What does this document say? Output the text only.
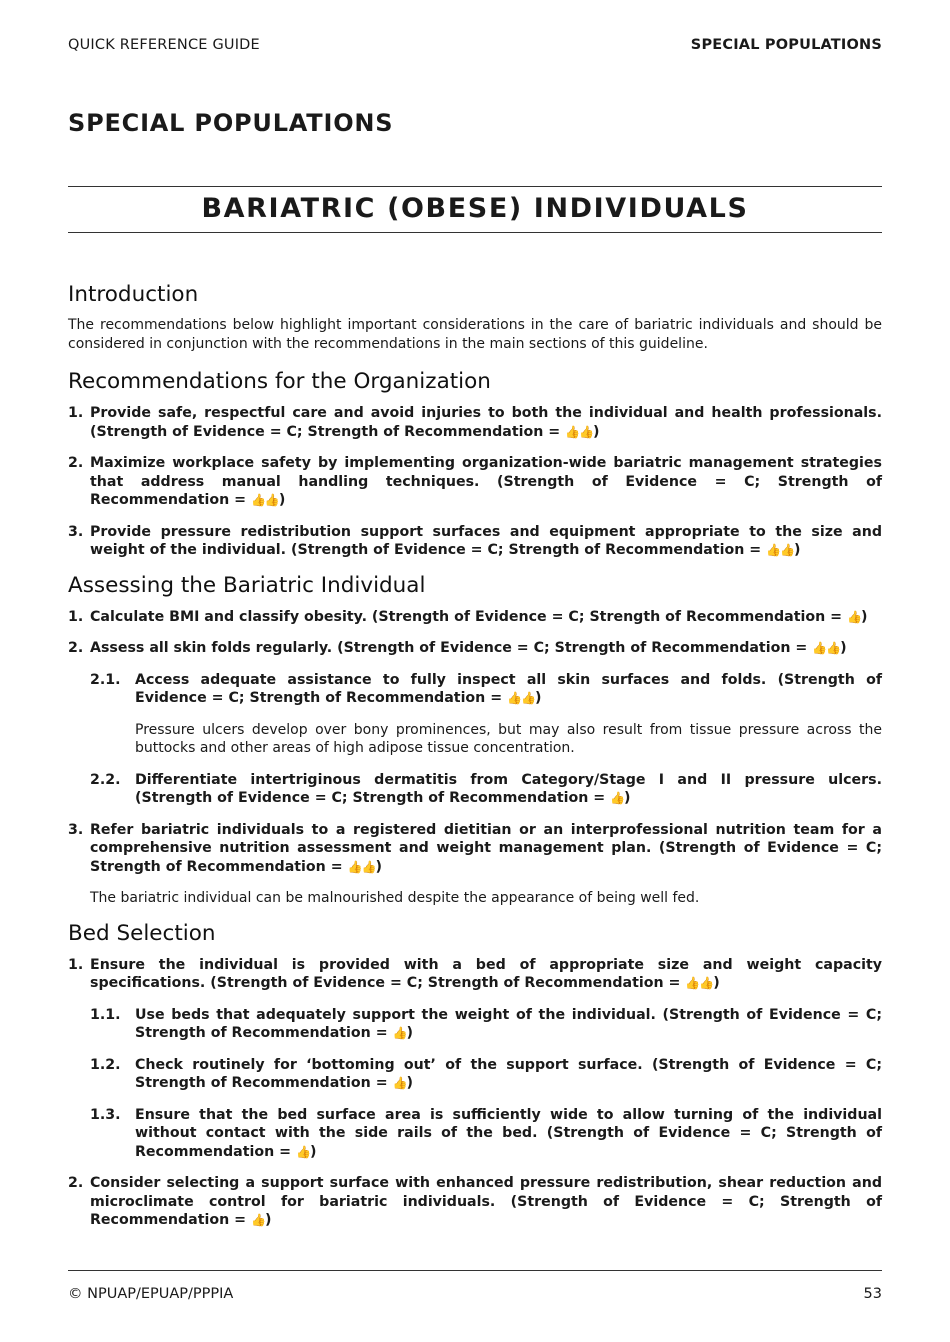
QUICK REFERENCE GUIDE	SPECIAL POPULATIONS
SPECIAL POPULATIONS
BARIATRIC (OBESE) INDIVIDUALS
Introduction

The recommendations below highlight important considerations in the care of bariatric individuals and should be considered in conjunction with the recommendations in the main sections of this guideline.

Recommendations for the Organization
1. Provide safe, respectful care and avoid injuries to both the individual and health professionals. (Strength of Evidence = C; Strength of Recommendation = 👍👍)
2. Maximize workplace safety by implementing organization-wide bariatric management strategies that address manual handling techniques. (Strength of Evidence = C; Strength of Recommendation = 👍👍)
3. Provide pressure redistribution support surfaces and equipment appropriate to the size and weight of the individual. (Strength of Evidence = C; Strength of Recommendation = 👍👍)
Assessing the Bariatric Individual
1. Calculate BMI and classify obesity. (Strength of Evidence = C; Strength of Recommendation = 👍)
2. Assess all skin folds regularly. (Strength of Evidence = C; Strength of Recommendation = 👍👍)
2.1. Access adequate assistance to fully inspect all skin surfaces and folds. (Strength of Evidence = C; Strength of Recommendation = 👍👍)
Pressure ulcers develop over bony prominences, but may also result from tissue pressure across the buttocks and other areas of high adipose tissue concentration.
2.2. Differentiate intertriginous dermatitis from Category/Stage I and II pressure ulcers. (Strength of Evidence = C; Strength of Recommendation = 👍)
3. Refer bariatric individuals to a registered dietitian or an interprofessional nutrition team for a comprehensive nutrition assessment and weight management plan. (Strength of Evidence = C; Strength of Recommendation = 👍👍)
The bariatric individual can be malnourished despite the appearance of being well fed.
Bed Selection
1. Ensure the individual is provided with a bed of appropriate size and weight capacity specifications. (Strength of Evidence = C; Strength of Recommendation = 👍👍)
1.1. Use beds that adequately support the weight of the individual. (Strength of Evidence = C; Strength of Recommendation = 👍)
1.2. Check routinely for ‘bottoming out’ of the support surface. (Strength of Evidence = C; Strength of Recommendation = 👍)
1.3. Ensure that the bed surface area is sufficiently wide to allow turning of the individual without contact with the side rails of the bed. (Strength of Evidence = C; Strength of Recommendation = 👍)
2. Consider selecting a support surface with enhanced pressure redistribution, shear reduction and microclimate control for bariatric individuals. (Strength of Evidence = C; Strength of Recommendation = 👍)
© NPUAP/EPUAP/PPPIA	53
